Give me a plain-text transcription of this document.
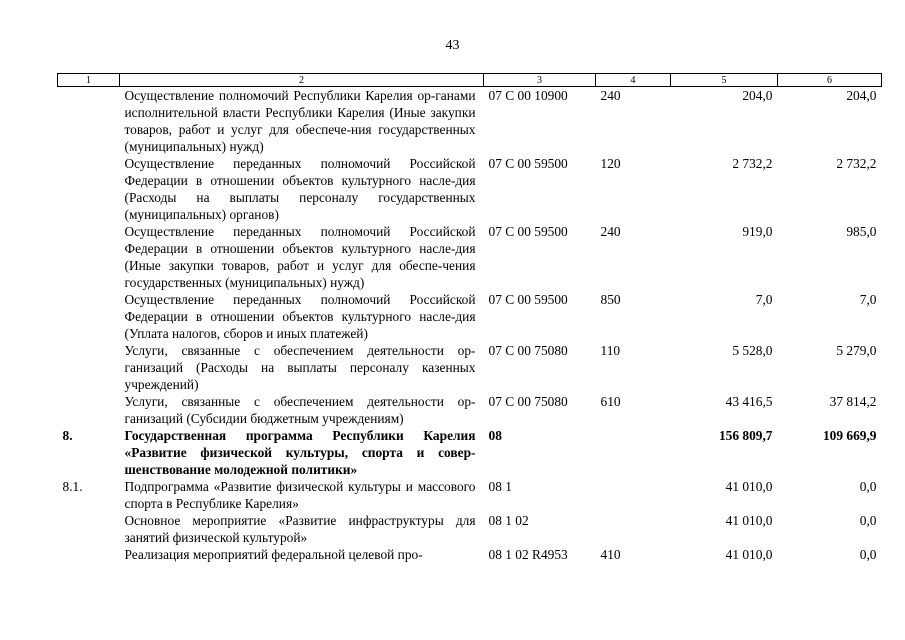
43
1	2	3	4	5	6
	Осуществление полномочий Республики Карелия ор-ганами исполнительной власти Республики Карелия (Иные закупки товаров, работ и услуг для обеспече-ния государственных (муниципальных) нужд)	07 С 00 10900	240	204,0	204,0
	Осуществление переданных полномочий Российской Федерации в отношении объектов культурного насле-дия (Расходы на выплаты персоналу государственных (муниципальных) органов)	07 С 00 59500	120	2 732,2	2 732,2
	Осуществление переданных полномочий Российской Федерации в отношении объектов культурного насле-дия (Иные закупки товаров, работ и услуг для обеспе-чения государственных (муниципальных) нужд)	07 С 00 59500	240	919,0	985,0
	Осуществление переданных полномочий Российской Федерации в отношении объектов культурного насле-дия (Уплата налогов, сборов и иных платежей)	07 С 00 59500	850	7,0	7,0
	Услуги, связанные с обеспечением деятельности ор-ганизаций (Расходы на выплаты персоналу казенных учреждений)	07 С 00 75080	110	5 528,0	5 279,0
	Услуги, связанные с обеспечением деятельности ор-ганизаций (Субсидии бюджетным учреждениям)	07 С 00 75080	610	43 416,5	37 814,2
8.	Государственная программа Республики Карелия «Развитие физической культуры, спорта и совер-шенствование молодежной политики»	08		156 809,7	109 669,9
8.1.	Подпрограмма «Развитие физической культуры и массового спорта в Республике Карелия»	08 1		41 010,0	0,0
	Основное мероприятие «Развитие инфраструктуры для занятий физической культурой»	08 1 02		41 010,0	0,0
	Реализация мероприятий федеральной целевой про-	08 1 02 R4953	410	41 010,0	0,0
